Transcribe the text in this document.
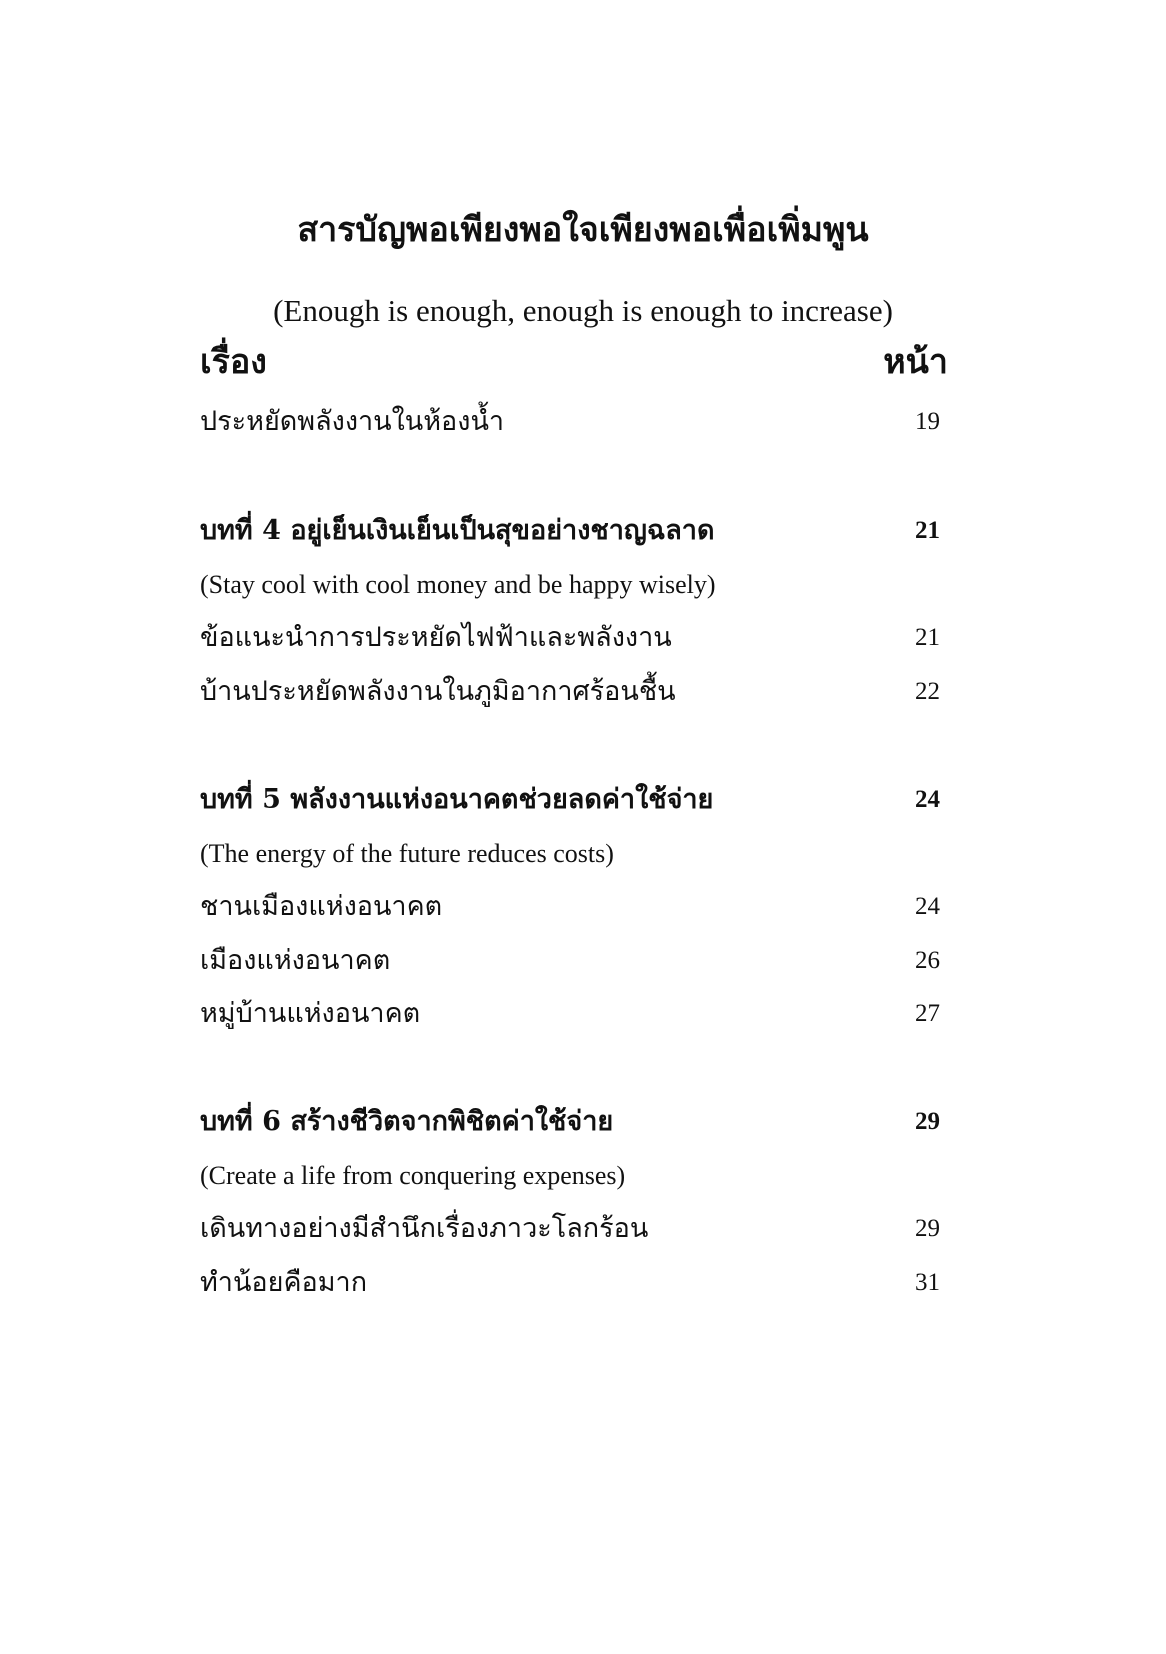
สารบัญพอเพียงพอใจเพียงพอเพื่อเพิ่มพูน
(Enough is enough, enough is enough to increase)
เรื่อง	หน้า
ประหยัดพลังงานในห้องน้ำ	19
บทที่ 4 อยู่เย็นเงินเย็นเป็นสุขอย่างชาญฉลาด	21
(Stay cool with cool money and be happy wisely)
ข้อแนะนำการประหยัดไฟฟ้าและพลังงาน	21
บ้านประหยัดพลังงานในภูมิอากาศร้อนชื้น	22
บทที่ 5 พลังงานแห่งอนาคตช่วยลดค่าใช้จ่าย	24
(The energy of the future reduces costs)
ชานเมืองแห่งอนาคต	24
เมืองแห่งอนาคต	26
หมู่บ้านแห่งอนาคต	27
บทที่ 6 สร้างชีวิตจากพิชิตค่าใช้จ่าย	29
(Create a life from conquering expenses)
เดินทางอย่างมีสำนึกเรื่องภาวะโลกร้อน	29
ทำน้อยคือมาก	31
